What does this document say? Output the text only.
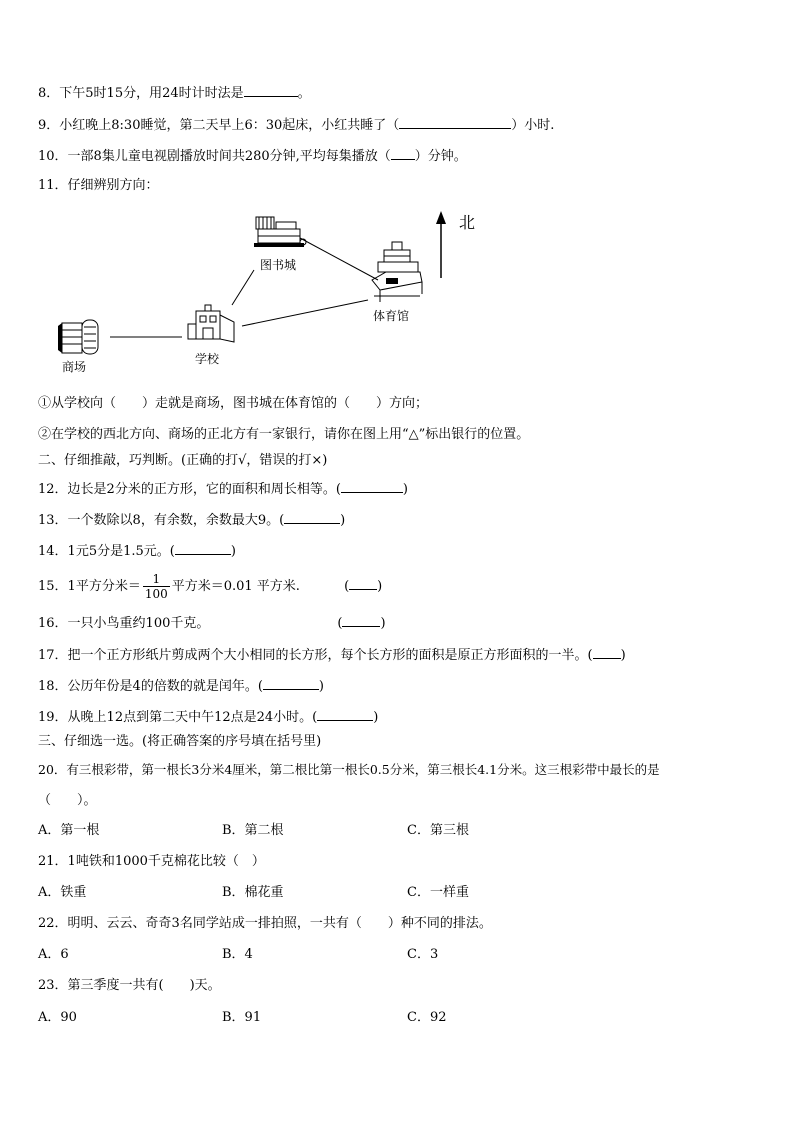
8．下午5时15分，用24时计时法是	。
9．小红晚上8:30睡觉，第二天早上6：30起床，小红共睡了（	）小时.
10．一部8集儿童电视剧播放时间共280分钟,平均每集播放（ ）分钟。
11．仔细辨别方向：
北
图书城
体育馆
商场
学校
①从学校向（　　）走就是商场，图书城在体育馆的（　　）方向；
②在学校的西北方向、商场的正北方有一家银行，请你在图上用“△”标出银行的位置。
二、仔细推敲，巧判断。(正确的打√，错误的打×)
12．边长是2分米的正方形，它的面积和周长相等。(	)
13．一个数除以8，有余数，余数最大9。(	)
14．1元5分是1.5元。(	)
15．1平方分米＝ $\frac{1}{100}$ 平方米＝0.01 平方米.	( )
16．一只小鸟重约100千克。	(	)
17．把一个正方形纸片剪成两个大小相同的长方形，每个长方形的面积是原正方形面积的一半。( )
18．公历年份是4的倍数的就是闰年。(	)
19．从晚上12点到第二天中午12点是24小时。(	)
三、仔细选一选。(将正确答案的序号填在括号里)
20．有三根彩带，第一根长3分米4厘米，第二根比第一根长0.5分米，第三根长4.1分米。这三根彩带中最长的是
（　　）。
A．第一根	B．第二根	C．第三根
21．1吨铁和1000千克棉花比较（　）
A．铁重	B．棉花重	C．一样重
22．明明、云云、奇奇3名同学站成一排拍照，一共有（　　）种不同的排法。
A．6	B．4	C．3
23．第三季度一共有(　　)天。
A．90	B．91	C．92
